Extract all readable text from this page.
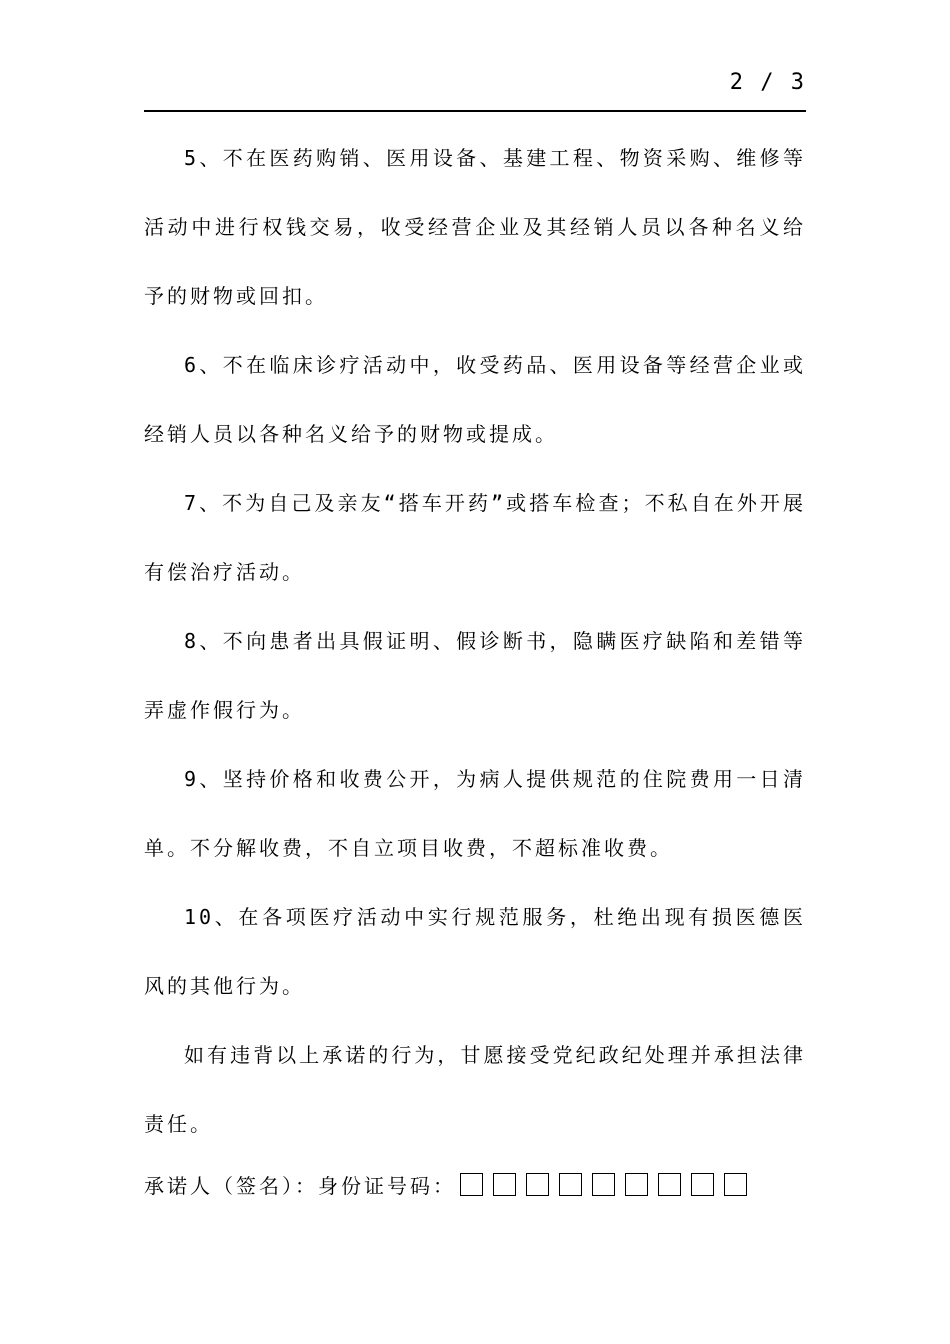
2 / 3

5、不在医药购销、医用设备、基建工程、物资采购、维修等活动中进行权钱交易，收受经营企业及其经销人员以各种名义给予的财物或回扣。

6、不在临床诊疗活动中，收受药品、医用设备等经营企业或经销人员以各种名义给予的财物或提成。

7、不为自己及亲友“搭车开药”或搭车检查；不私自在外开展有偿治疗活动。

8、不向患者出具假证明、假诊断书，隐瞒医疗缺陷和差错等弄虚作假行为。

9、坚持价格和收费公开，为病人提供规范的住院费用一日清单。不分解收费，不自立项目收费，不超标准收费。

10、在各项医疗活动中实行规范服务，杜绝出现有损医德医风的其他行为。

如有违背以上承诺的行为，甘愿接受党纪政纪处理并承担法律责任。

承诺人（签名）：身份证号码：
